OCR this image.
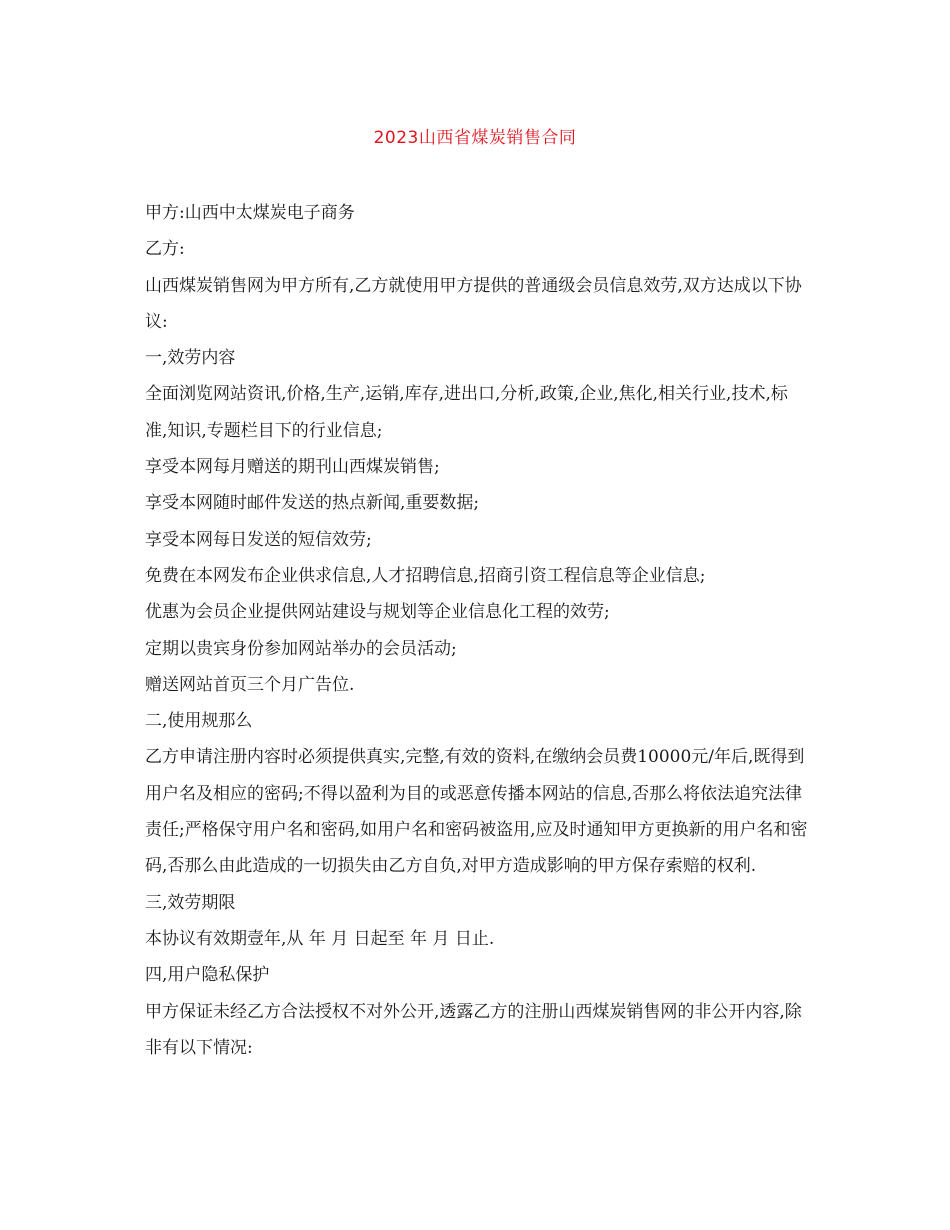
2023山西省煤炭销售合同

甲方:山西中太煤炭电子商务

乙方:

山西煤炭销售网为甲方所有,乙方就使用甲方提供的普通级会员信息效劳,双方达成以下协议:

一,效劳内容

全面浏览网站资讯,价格,生产,运销,库存,进出口,分析,政策,企业,焦化,相关行业,技术,标准,知识,专题栏目下的行业信息;

享受本网每月赠送的期刊山西煤炭销售;

享受本网随时邮件发送的热点新闻,重要数据;

享受本网每日发送的短信效劳;

免费在本网发布企业供求信息,人才招聘信息,招商引资工程信息等企业信息;

优惠为会员企业提供网站建设与规划等企业信息化工程的效劳;

定期以贵宾身份参加网站举办的会员活动;

赠送网站首页三个月广告位.

二,使用规那么

乙方申请注册内容时必须提供真实,完整,有效的资料,在缴纳会员费10000元/年后,既得到用户名及相应的密码;不得以盈利为目的或恶意传播本网站的信息,否那么将依法追究法律责任;严格保守用户名和密码,如用户名和密码被盗用,应及时通知甲方更换新的用户名和密码,否那么由此造成的一切损失由乙方自负,对甲方造成影响的甲方保存索赔的权利.

三,效劳期限

本协议有效期壹年,从 年 月 日起至 年 月 日止.

四,用户隐私保护

甲方保证未经乙方合法授权不对外公开,透露乙方的注册山西煤炭销售网的非公开内容,除非有以下情况:
